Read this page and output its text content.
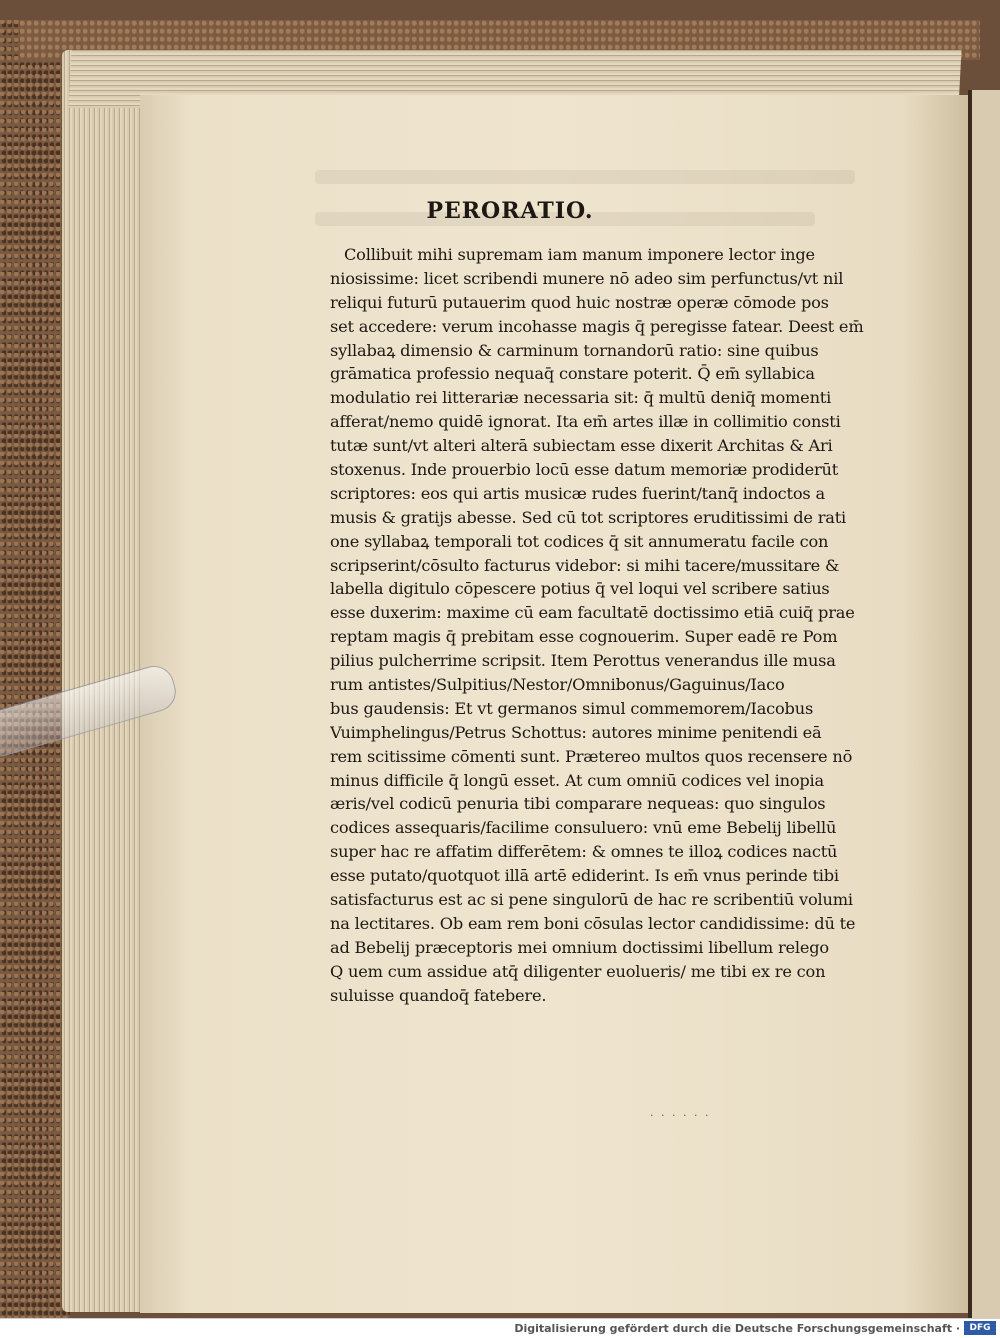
PERORATIO.
Collibuit mihi supremam iam manum imponere lector inge
niosissime: licet scribendi munere nō adeo sim perfunctus/vt nil
reliqui futurū putauerim quod huic nostræ operæ cōmode pos
set accedere: verum incohasse magis q̄ peregisse fatear. Deest em̄
syllabaꝝ dimensio & carminum tornandorū ratio: sine quibus
grāmatica professio nequaq̄ constare poterit. Q̄ em̄ syllabica
modulatio rei litterariæ necessaria sit: q̄ multū deniq̄ momenti
afferat/nemo quidē ignorat. Ita em̄ artes illæ in collimitio consti
tutæ sunt/vt alteri alterā subiectam esse dixerit Architas & Ari
stoxenus. Inde prouerbio locū esse datum memoriæ prodiderūt
scriptores: eos qui artis musicæ rudes fuerint/tanq̄ indoctos a
musis & gratijs abesse. Sed cū tot scriptores eruditissimi de rati
one syllabaꝝ temporali tot codices q̄ sit annumeratu facile con
scripserint/cōsulto facturus videbor: si mihi tacere/mussitare &
labella digitulo cōpescere potius q̄ vel loqui vel scribere satius
esse duxerim: maxime cū eam facultatē doctissimo etiā cuiq̄ prae
reptam magis q̄ prebitam esse cognouerim. Super eadē re Pom
pilius pulcherrime scripsit. Item Perottus venerandus ille musa
rum antistes/Sulpitius/Nestor/Omnibonus/Gaguinus/Iaco
bus gaudensis: Et vt germanos simul commemorem/Iacobus
Vuimphelingus/Petrus Schottus: autores minime penitendi eā
rem scitissime cōmenti sunt. Prætereo multos quos recensere nō
minus difficile q̄ longū esset. At cum omniū codices vel inopia
æris/vel codicū penuria tibi comparare nequeas: quo singulos
codices assequaris/facilime consuluero: vnū eme Bebelij libellū
super hac re affatim differētem: & omnes te illoꝝ codices nactū
esse putato/quotquot illā artē ediderint. Is em̄ vnus perinde tibi
satisfacturus est ac si pene singulorū de hac re scribentiū volumi
na lectitares. Ob eam rem boni cōsulas lector candidissime: dū te
ad Bebelij præceptoris mei omnium doctissimi libellum relego
Q uem cum assidue atq̄ diligenter euolueris/ me tibi ex re con
suluisse quandoq̄ fatebere.
. . . . . .
Digitalisierung gefördert durch die Deutsche Forschungsgemeinschaft ·	DFG
